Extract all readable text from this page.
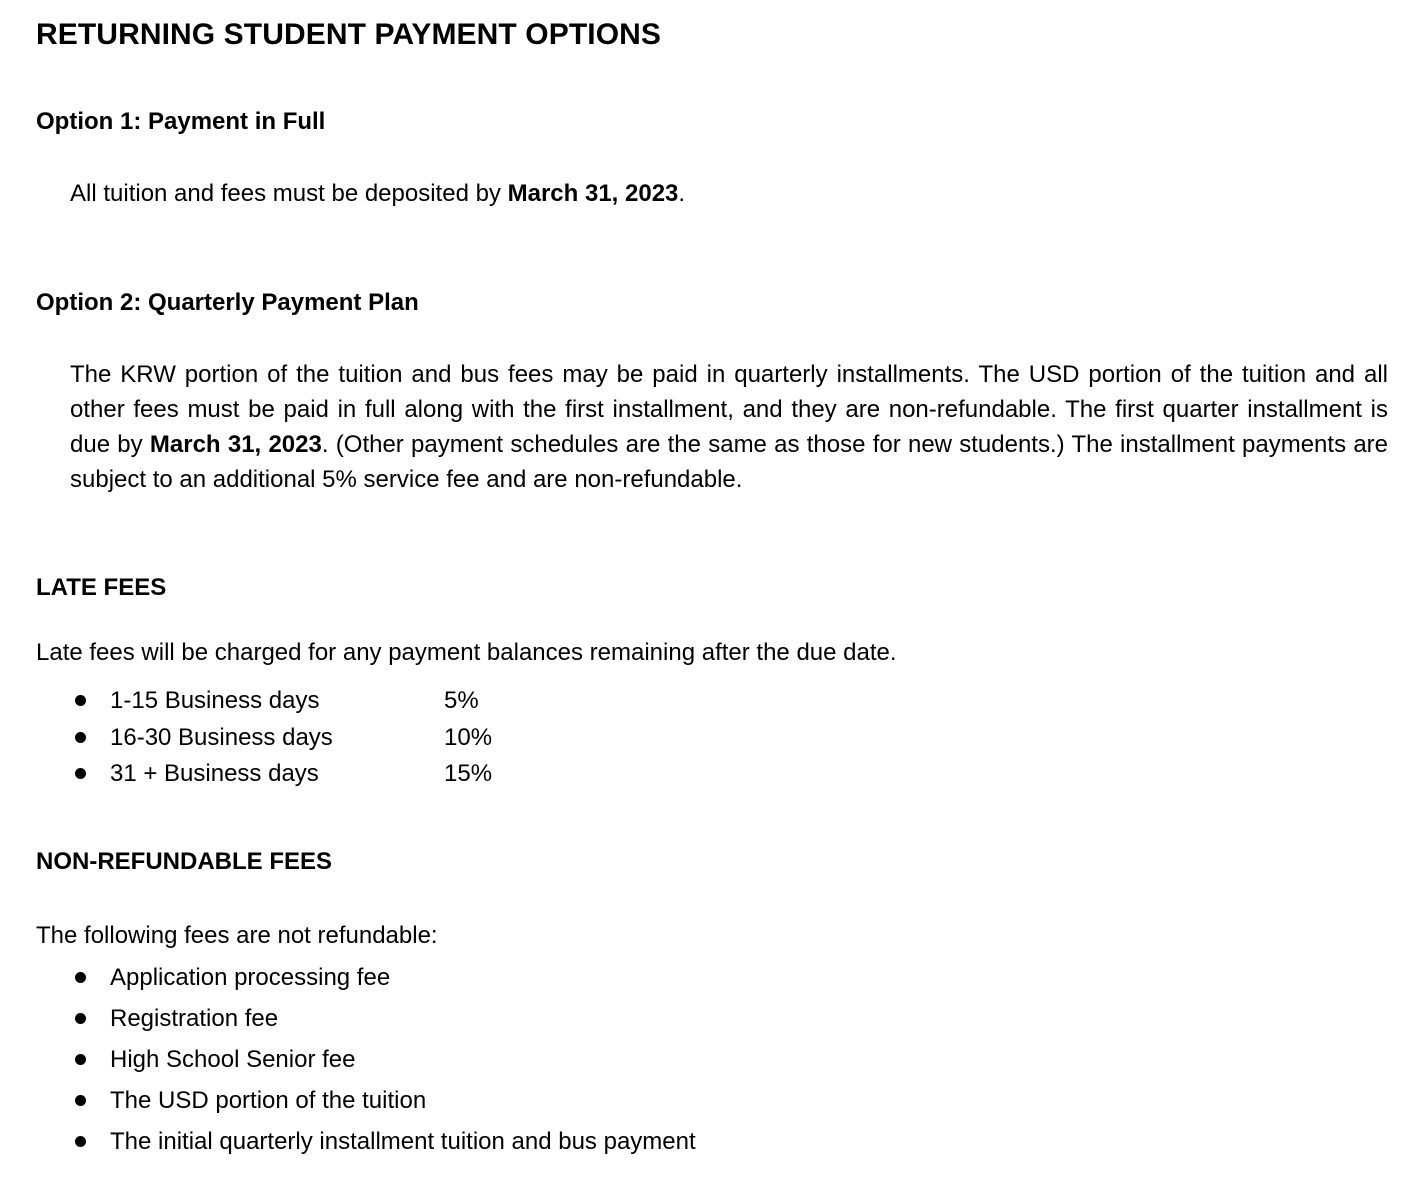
RETURNING STUDENT PAYMENT OPTIONS
Option 1: Payment in Full

All tuition and fees must be deposited by March 31, 2023.

Option 2: Quarterly Payment Plan

The KRW portion of the tuition and bus fees may be paid in quarterly installments. The USD portion of the tuition and all other fees must be paid in full along with the first installment, and they are non-refundable. The first quarter installment is due by March 31, 2023. (Other payment schedules are the same as those for new students.) The installment payments are subject to an additional 5% service fee and are non-refundable.

LATE FEES

Late fees will be charged for any payment balances remaining after the due date.

1-15 Business days	5%
16-30 Business days	10%
31 + Business days	15%
NON-REFUNDABLE FEES

The following fees are not refundable:

Application processing fee
Registration fee
High School Senior fee
The USD portion of the tuition
The initial quarterly installment tuition and bus payment
